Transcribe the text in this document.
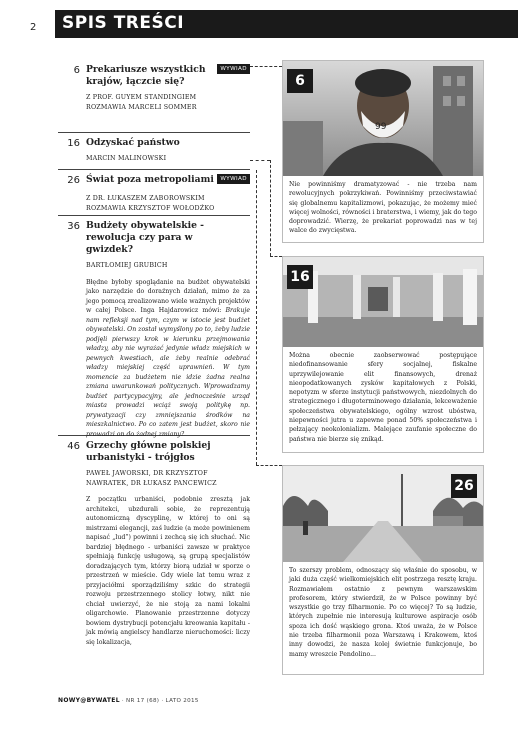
2 SPIS TREŚCI
6 Prekariusze wszystkich krajów, łączcie się?
WYWIAD
Z PROF. GUYEM STANDINGIEM
ROZMAWIA MARCELI SOMMER
16 Odzyskać państwo
MARCIN MALINOWSKI
26 Świat poza metropoliami	WYWIAD
Z DR. ŁUKASZEM ZABOROWSKIM
ROZMAWIA KRZYSZTOF WOŁODŹKO
36 Budżety obywatelskie - rewolucja czy para w gwizdek?
BARTŁOMIEJ GRUBICH
Błędne byłoby spoglądanie na budżet obywatelski jako narzędzie do doraźnych działań, mimo że za jego pomocą zrealizowano wiele ważnych projektów w całej Polsce. Inga Hajdarowicz mówi: Brakuje nam refleksji nad tym, czym w istocie jest budżet obywatelski. On został wymyślony po to, żeby ludzie podjęli pierwszy krok w kierunku przejmowania władzy, aby nie wyrażać jedynie władz miejskich w pewnych kwestiach, ale żeby realnie odebrać władzy miejskiej część uprawnień. W tym momencie za budżetem nie idzie żadna realna zmiana uwarunkowań politycznych. Wprowadzamy budżet partycypacyjny, ale jednocześnie urząd miasta prowadzi wciąż swoją politykę np. prywatyzacji czy zmniejszania środków na mieszkalnictwo. Po co zatem jest budżet, skoro nie prowadzi on do żadnej zmiany?
46 Grzechy główne polskiej urbanistyki - trójgłos
PAWEŁ JAWORSKI, DR KRZYSZTOF
NAWRATEK, DR ŁUKASZ PANCEWICZ
Z początku urbaniści, podobnie zresztą jak architekci, ubzdurali sobie, że reprezentują autonomiczną dyscyplinę, w której to oni są mistrzami elegancji, zaś ludzie (a może powinienem napisać „lud”) powinni i zechcą się ich słuchać. Nic bardziej błędnego - urbaniści zawsze w praktyce spełniają funkcję usługową, są grupą specjalistów doradzających tym, którzy biorą udział w sporze o przestrzeń w mieście. Gdy wiele lat temu wraz z przyjaciółmi sporządziliśmy szkic do strategii rozwoju przestrzennego stolicy łotwy, nikt nie chciał uwierzyć, że nie stoją za nami lokalni oligarchowie. Planowanie przestrzenne dotyczy bowiem dystrybucji potencjału kreowania kapitału - jak mówią angielscy handlarze nieruchomości: liczy się lokalizacja,
99
6
Nie powinniśmy dramatyzować - nie trzeba nam rewolucyjnych pokrzykiwań. Powinniśmy przeciwstawiać się globalnemu kapitalizmowi, pokazując, że możemy mieć więcej wolności, równości i braterstwa, i wiemy, jak do tego doprowadzić. Wierzę, że prekariat poprowadzi nas w tej walce do zwycięstwa.
16
Można obecnie zaobserwować postępujące niedofinansowanie sfery socjalnej, fiskalne uprzywilejowanie elit finansowych, drenaż nieopodatkowanych zysków kapitałowych z Polski, nepotyzm w sferze instytucji państwowych, niezdolnych do strategicznego i długoterminowego działania, lekceważenie społeczeństwa obywatelskiego, ogólny wzrost ubóstwa, niepewności jutra u zapewne ponad 50% społeczeństwa i pełzający neokolonializm. Malejące zaufanie społeczne do państwa nie bierze się znikąd.
26
To szerszy problem, odnoszący się właśnie do sposobu, w jaki duża część wielkomiejskich elit postrzega resztę kraju. Rozmawiałem ostatnio z pewnym warszawskim profesorem, który stwierdził, że w Polsce powinny być wszystkie go trzy filharmonie. Po co więcej? To są ludzie, których zupełnie nie interesują kulturowe aspiracje osób spoza ich dość wąskiego grona. Ktoś uważa, że w Polsce nie trzeba filharmonii poza Warszawą i Krakowem, ktoś inny dowodzi, że nasza kolej świetnie funkcjonuje, bo mamy wreszcie Pendolino...
NOWY@BYWATEL · NR 17 (68) · LATO 2015
